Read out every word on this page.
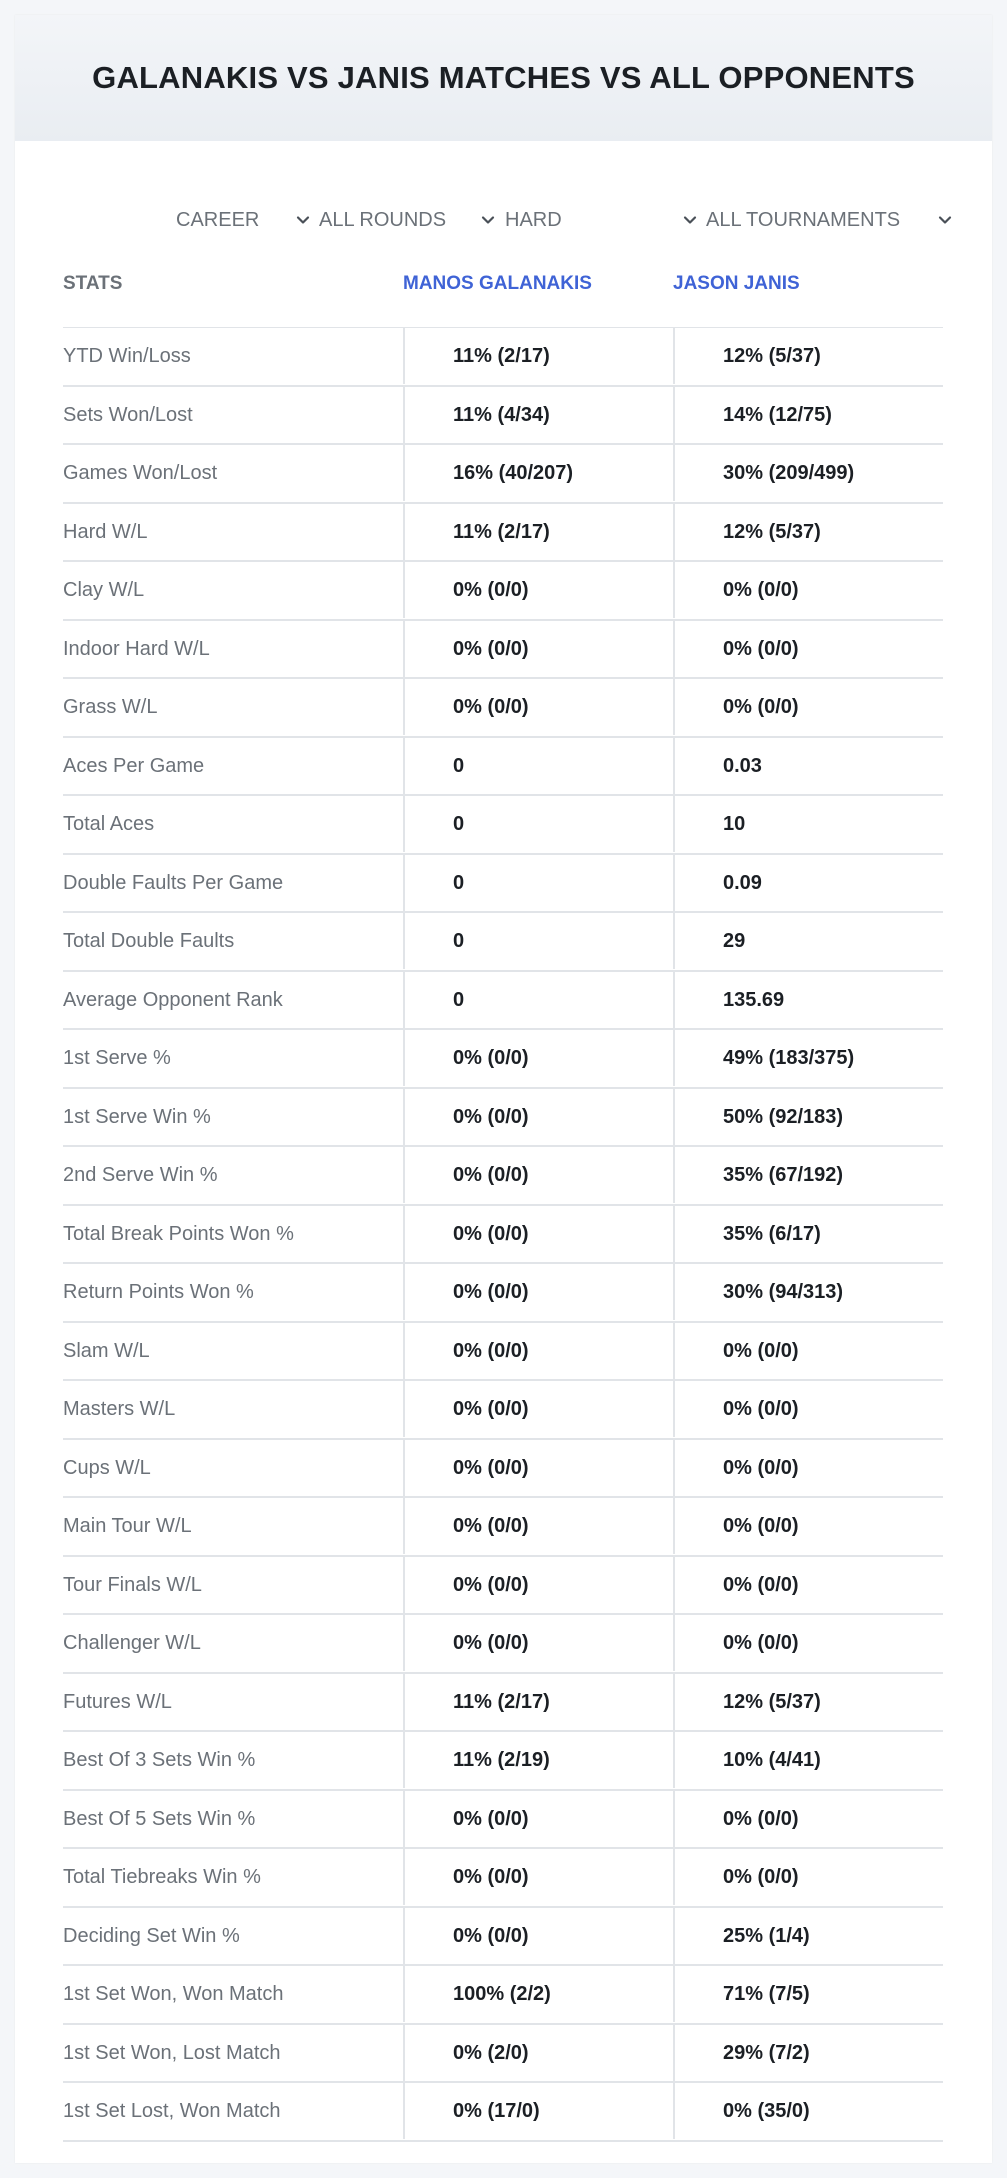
GALANAKIS VS JANIS MATCHES VS ALL OPPONENTS
CAREER	ALL ROUNDS	HARD	ALL TOURNAMENTS
STATS	MANOS GALANAKIS	JASON JANIS
YTD Win/Loss	11% (2/17)	12% (5/37)
Sets Won/Lost	11% (4/34)	14% (12/75)
Games Won/Lost	16% (40/207)	30% (209/499)
Hard W/L	11% (2/17)	12% (5/37)
Clay W/L	0% (0/0)	0% (0/0)
Indoor Hard W/L	0% (0/0)	0% (0/0)
Grass W/L	0% (0/0)	0% (0/0)
Aces Per Game	0	0.03
Total Aces	0	10
Double Faults Per Game	0	0.09
Total Double Faults	0	29
Average Opponent Rank	0	135.69
1st Serve %	0% (0/0)	49% (183/375)
1st Serve Win %	0% (0/0)	50% (92/183)
2nd Serve Win %	0% (0/0)	35% (67/192)
Total Break Points Won %	0% (0/0)	35% (6/17)
Return Points Won %	0% (0/0)	30% (94/313)
Slam W/L	0% (0/0)	0% (0/0)
Masters W/L	0% (0/0)	0% (0/0)
Cups W/L	0% (0/0)	0% (0/0)
Main Tour W/L	0% (0/0)	0% (0/0)
Tour Finals W/L	0% (0/0)	0% (0/0)
Challenger W/L	0% (0/0)	0% (0/0)
Futures W/L	11% (2/17)	12% (5/37)
Best Of 3 Sets Win %	11% (2/19)	10% (4/41)
Best Of 5 Sets Win %	0% (0/0)	0% (0/0)
Total Tiebreaks Win %	0% (0/0)	0% (0/0)
Deciding Set Win %	0% (0/0)	25% (1/4)
1st Set Won, Won Match	100% (2/2)	71% (7/5)
1st Set Won, Lost Match	0% (2/0)	29% (7/2)
1st Set Lost, Won Match	0% (17/0)	0% (35/0)
